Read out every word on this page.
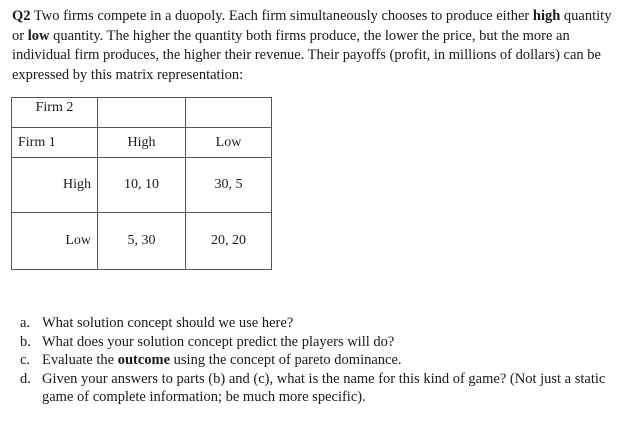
Q2 Two firms compete in a duopoly. Each firm simultaneously chooses to produce either high quantity or low quantity. The higher the quantity both firms produce, the lower the price, but the more an individual firm produces, the higher their revenue. Their payoffs (profit, in millions of dollars) can be expressed by this matrix representation:

Firm 2		
Firm 1	High	Low
High	10, 10	30, 5
Low	5, 30	20, 20
a. What solution concept should we use here?
b. What does your solution concept predict the players will do?
c. Evaluate the outcome using the concept of pareto dominance.
d. Given your answers to parts (b) and (c), what is the name for this kind of game? (Not just a static game of complete information; be much more specific).
